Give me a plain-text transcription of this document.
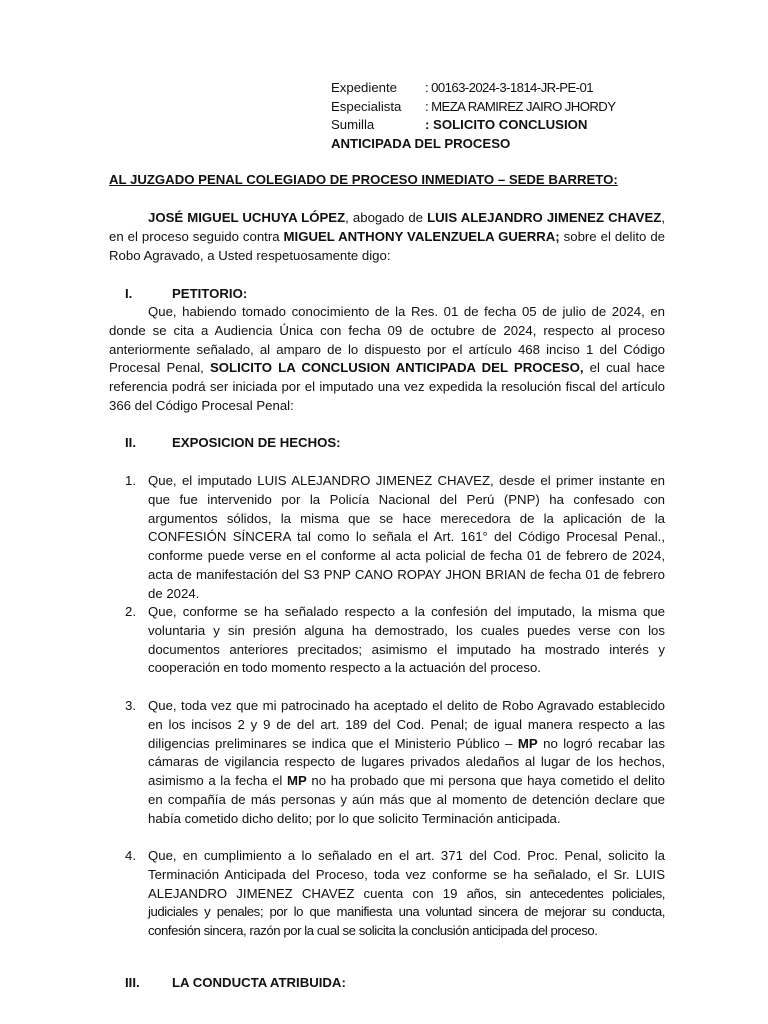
Expediente : 00163-2024-3-1814-JR-PE-01
Especialista : MEZA RAMIREZ JAIRO JHORDY
Sumilla	: SOLICITO CONCLUSION
ANTICIPADA DEL PROCESO
AL JUZGADO PENAL COLEGIADO DE PROCESO INMEDIATO – SEDE BARRETO:
JOSÉ MIGUEL UCHUYA LÓPEZ, abogado de LUIS ALEJANDRO JIMENEZ CHAVEZ, en el proceso seguido contra MIGUEL ANTHONY VALENZUELA GUERRA; sobre el delito de Robo Agravado, a Usted respetuosamente digo:
I.	PETITORIO:
Que, habiendo tomado conocimiento de la Res. 01 de fecha 05 de julio de 2024, en donde se cita a Audiencia Única con fecha 09 de octubre de 2024, respecto al proceso anteriormente señalado, al amparo de lo dispuesto por el artículo 468 inciso 1 del Código Procesal Penal, SOLICITO LA CONCLUSION ANTICIPADA DEL PROCESO, el cual hace referencia podrá ser iniciada por el imputado una vez expedida la resolución fiscal del artículo 366 del Código Procesal Penal:
II.	EXPOSICION DE HECHOS:
1. Que, el imputado LUIS ALEJANDRO JIMENEZ CHAVEZ, desde el primer instante en que fue intervenido por la Policía Nacional del Perú (PNP) ha confesado con argumentos sólidos, la misma que se hace merecedora de la aplicación de la CONFESIÓN SÍNCERA tal como lo señala el Art. 161° del Código Procesal Penal., conforme puede verse en el conforme al acta policial de fecha 01 de febrero de 2024, acta de manifestación del S3 PNP CANO ROPAY JHON BRIAN de fecha 01 de febrero de 2024.
2. Que, conforme se ha señalado respecto a la confesión del imputado, la misma que voluntaria y sin presión alguna ha demostrado, los cuales puedes verse con los documentos anteriores precitados; asimismo el imputado ha mostrado interés y cooperación en todo momento respecto a la actuación del proceso.
3. Que, toda vez que mi patrocinado ha aceptado el delito de Robo Agravado establecido en los incisos 2 y 9 de del art. 189 del Cod. Penal; de igual manera respecto a las diligencias preliminares se indica que el Ministerio Público – MP no logró recabar las cámaras de vigilancia respecto de lugares privados aledaños al lugar de los hechos, asimismo a la fecha el MP no ha probado que mi persona que haya cometido el delito en compañía de más personas y aún más que al momento de detención declare que había cometido dicho delito; por lo que solicito Terminación anticipada.
4. Que, en cumplimiento a lo señalado en el art. 371 del Cod. Proc. Penal, solicito la Terminación Anticipada del Proceso, toda vez conforme se ha señalado, el Sr. LUIS ALEJANDRO JIMENEZ CHAVEZ cuenta con 19 años, sin antecedentes policiales, judiciales y penales; por lo que manifiesta una voluntad sincera de mejorar su conducta, confesión sincera, razón por la cual se solicita la conclusión anticipada del proceso.
III. LA CONDUCTA ATRIBUIDA:
